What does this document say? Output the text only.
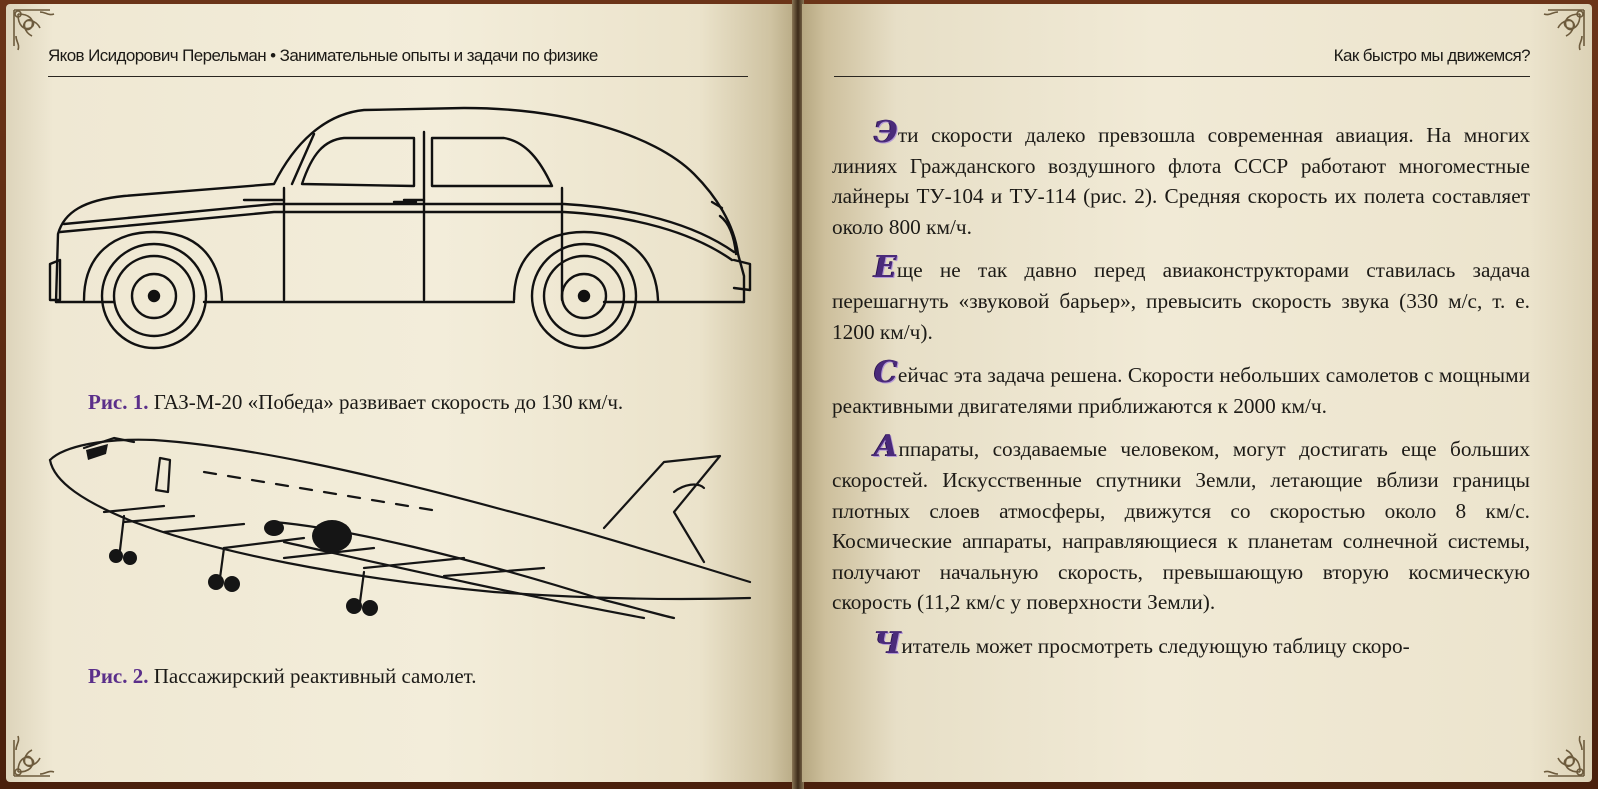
Яков Исидорович Перельман • Занимательные опыты и задачи по физике
Рис. 1. ГАЗ-М-20 «Победа» развивает скорость до 130 км/ч.
Рис. 2. Пассажирский реактивный самолет.
Как быстро мы движемся?

Эти скорости далеко превзошла современная авиация. На многих линиях Гражданского воздушного флота СССР работают многоместные лайнеры ТУ-104 и ТУ-114 (рис. 2). Средняя скорость их полета составляет около 800 км/ч.

Еще не так давно перед авиаконструкторами ставилась задача перешагнуть «звуковой барьер», превысить скорость звука (330 м/с, т. е. 1200 км/ч).

Сейчас эта задача решена. Скорости небольших самолетов с мощными реактивными двигателями приближаются к 2000 км/ч.

Аппараты, создаваемые человеком, могут достигать еще больших скоростей. Искусственные спутники Земли, летающие вблизи границы плотных слоев атмосферы, движутся со скоростью около 8 км/с. Космические аппараты, направляющиеся к планетам солнечной системы, получают начальную скорость, превышающую вторую космическую скорость (11,2 км/с у поверхности Земли).

Читатель может просмотреть следующую таблицу скоро-
